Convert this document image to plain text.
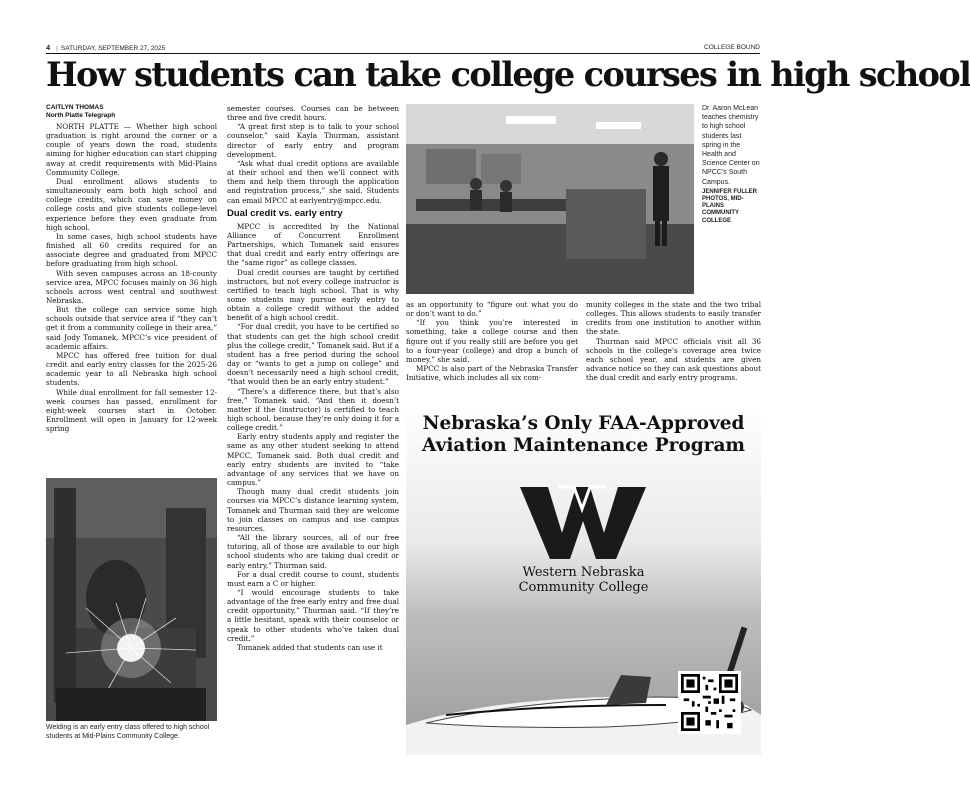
4 | SATURDAY, SEPTEMBER 27, 2025	COLLEGE BOUND
How students can take college courses in high school
CAITLYN THOMAS
North Platte Telegraph

NORTH PLATTE — Whether high school graduation is right around the corner or a couple of years down the road, students aiming for higher education can start chipping away at credit requirements with Mid-Plains Community College.

Dual enrollment allows students to simultaneously earn both high school and college credits, which can save money on college costs and give students college-level experience before they even graduate from high school.

In some cases, high school students have finished all 60 credits required for an associate degree and graduated from MPCC before graduating from high school.

With seven campuses across an 18-county service area, MPCC focuses mainly on 36 high schools across west central and southwest Nebraska.

But the college can service some high schools outside that service area if “they can’t get it from a community college in their area,” said Jody Tomanek, MPCC’s vice president of academic affairs.

MPCC has offered free tuition for dual credit and early entry classes for the 2025-26 academic year to all Nebraska high school students.

While dual enrollment for fall semester 12-week courses has passed, enrollment for eight-week courses start in October. Enrollment will open in January for 12-week spring

Welding is an early entry class offered to high school students at Mid-Plains Community College.

semester courses. Courses can be between three and five credit hours.

“A great first step is to talk to your school counselor,” said Kayla Thurman, assistant director of early entry and program development.

“Ask what dual credit options are available at their school and then we’ll connect with them and help them through the application and registration process,” she said. Students can email MPCC at earlyentry@mpcc.edu.

Dual credit vs. early entry

MPCC is accredited by the National Alliance of Concurrent Enrollment Partnerships, which Tomanek said ensures that dual credit and early entry offerings are the “same rigor” as college classes.

Dual credit courses are taught by certified instructors, but not every college instructor is certified to teach high school. That is why some students may pursue early entry to obtain a college credit without the added benefit of a high school credit.

“For dual credit, you have to be certified so that students can get the high school credit plus the college credit,” Tomanek said. But if a student has a free period during the school day or “wants to get a jump on college” and doesn’t necessarily need a high school credit, “that would then be an early entry student.”

“There’s a difference there, but that’s also free,” Tomanek said. “And then it doesn’t matter if the (instructor) is certified to teach high school, because they’re only doing it for a college credit.”

Early entry students apply and register the same as any other student seeking to attend MPCC, Tomanek said. Both dual credit and early entry students are invited to “take advantage of any services that we have on campus.”

Though many dual credit students join courses via MPCC’s distance learning system, Tomanek and Thurman said they are welcome to join classes on campus and use campus resources.

“All the library sources, all of our free tutoring, all of those are available to our high school students who are taking dual credit or early entry,” Thurman said.

For a dual credit course to count, students must earn a C or higher.

“I would encourage students to take advantage of the free early entry and free dual credit opportunity,” Thurman said. “If they’re a little hesitant, speak with their counselor or speak to other students who’ve taken dual credit.”

Tomanek added that students can use it

Dr. Aaron McLean teaches chemistry to high school students last spring in the Health and Science Center on NPCC’s South Campus.
JENNIFER FULLER PHOTOS, MID-PLAINS COMMUNITY COLLEGE

as an opportunity to “figure out what you do or don’t want to do.”

“If you think you’re interested in something, take a college course and then figure out if you really still are before you get to a four-year (college) and drop a bunch of money,” she said.

MPCC is also part of the Nebraska Transfer Initiative, which includes all six com-

munity colleges in the state and the two tribal colleges. This allows students to easily transfer credits from one institution to another within the state.

Thurman said MPCC officials visit all 36 schools in the college’s coverage area twice each school year, and students are given advance notice so they can ask questions about the dual credit and early entry programs.

Nebraska’s Only FAA-Approved
Aviation Maintenance Program
Western Nebraska
Community College
